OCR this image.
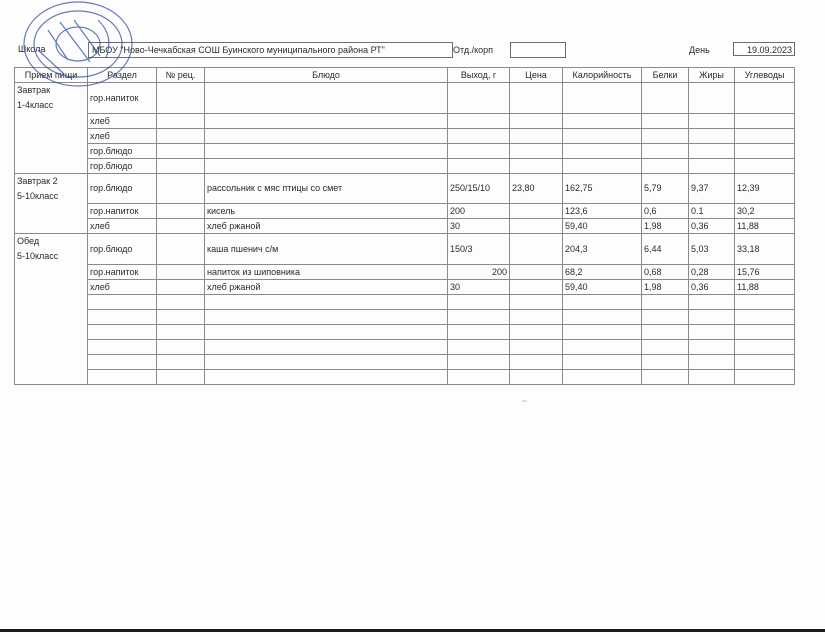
Школа	МБОУ "Ново-Чечкабская СОШ Буинского муниципального района РТ"	Отд./корп	День	19.09.2023
Прием пищи	Раздел	№ рец.	Блюдо	Выход, г	Цена	Калорийность	Белки	Жиры	Углеводы

Завтрак
1-4класс	гор.напиток								
	хлеб								
	хлеб								
	гор.блюдо								
	гор.блюдо								

Завтрак 2
5-10класс	гор.блюдо		рассольник с мяс птицы со смет	250/15/10	23,80	162,75	5,79	9,37	12,39
	гор.напиток		кисель	200		123,6	0,6	0.1	30,2
	хлеб		хлеб ржаной	30		59,40	1,98	0,36	11,88

Обед
5-10класс	гор.блюдо		каша пшенич с/м	150/3		204,3	6,44	5,03	33,18
	гор.напиток		напиток из шиповника	200		68,2	0,68	0,28	15,76
	хлеб		хлеб ржаной	30		59,40	1,98	0,36	11,88

~
